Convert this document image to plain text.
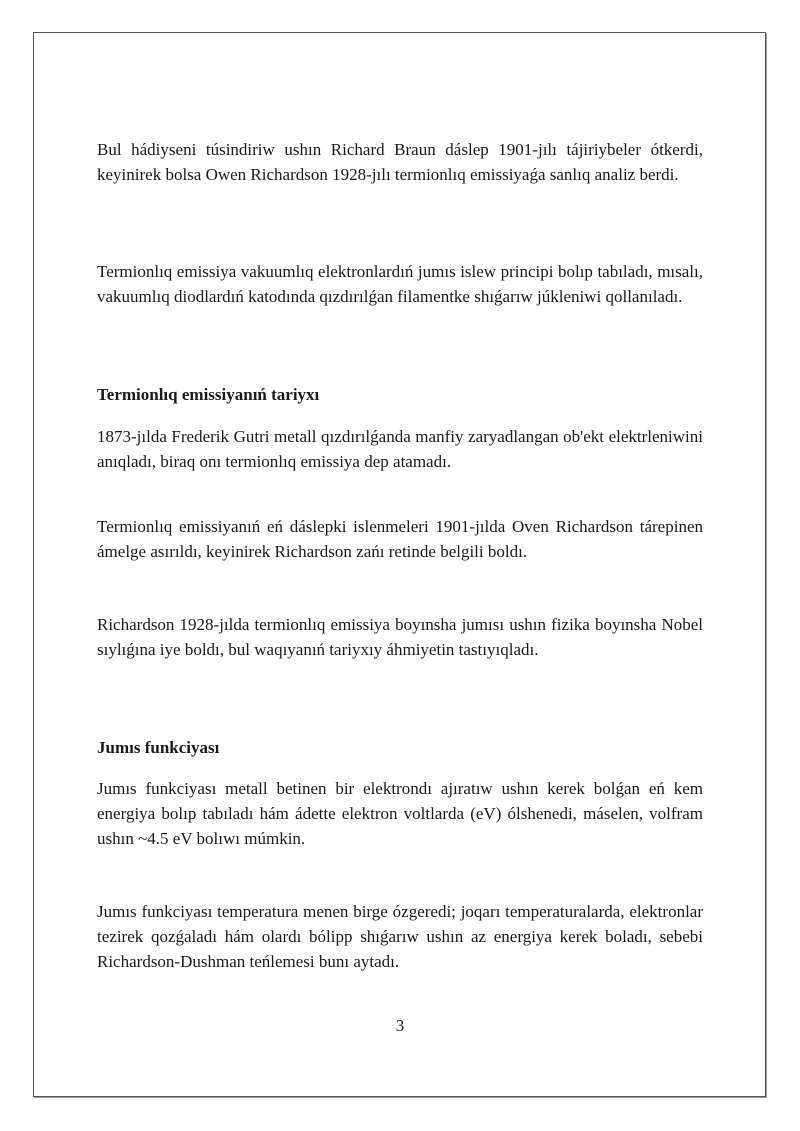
Bul hádiyseni túsindiriw ushın Richard Braun dáslep 1901-jılı tájiriybeler ótkerdi, keyinirek bolsa Owen Richardson 1928-jılı termionlıq emissiyaǵa sanlıq analiz berdi.

Termionlıq emissiya vakuumlıq elektronlardıń jumıs islew principi bolıp tabıladı, mısalı, vakuumlıq diodlardıń katodında qızdırılǵan filamentke shıǵarıw júkleniwi qollanıladı.

Termionlıq emissiyanıń tariyxı

1873-jılda Frederik Gutri metall qızdırılǵanda manfiy zaryadlangan ob'ekt elektrleniwini anıqladı, biraq onı termionlıq emissiya dep atamadı.

Termionlıq emissiyanıń eń dáslepki islenmeleri 1901-jılda Oven Richardson tárepinen ámelge asırıldı, keyinirek Richardson zańı retinde belgili boldı.

Richardson 1928-jılda termionlıq emissiya boyınsha jumısı ushın fizika boyınsha Nobel sıylıǵına iye boldı, bul waqıyanıń tariyxıy áhmiyetin tastıyıqladı.

Jumıs funkciyası

Jumıs funkciyası metall betinen bir elektrondı ajıratıw ushın kerek bolǵan eń kem energiya bolıp tabıladı hám ádette elektron voltlarda (eV) ólshenedi, máselen, volfram ushın ~4.5 eV bolıwı múmkin.

Jumıs funkciyası temperatura menen birge ózgeredi; joqarı temperaturalarda, elektronlar tezirek qozǵaladı hám olardı bólipp shıǵarıw ushın az energiya kerek boladı, sebebi Richardson-Dushman teńlemesi bunı aytadı.

3
